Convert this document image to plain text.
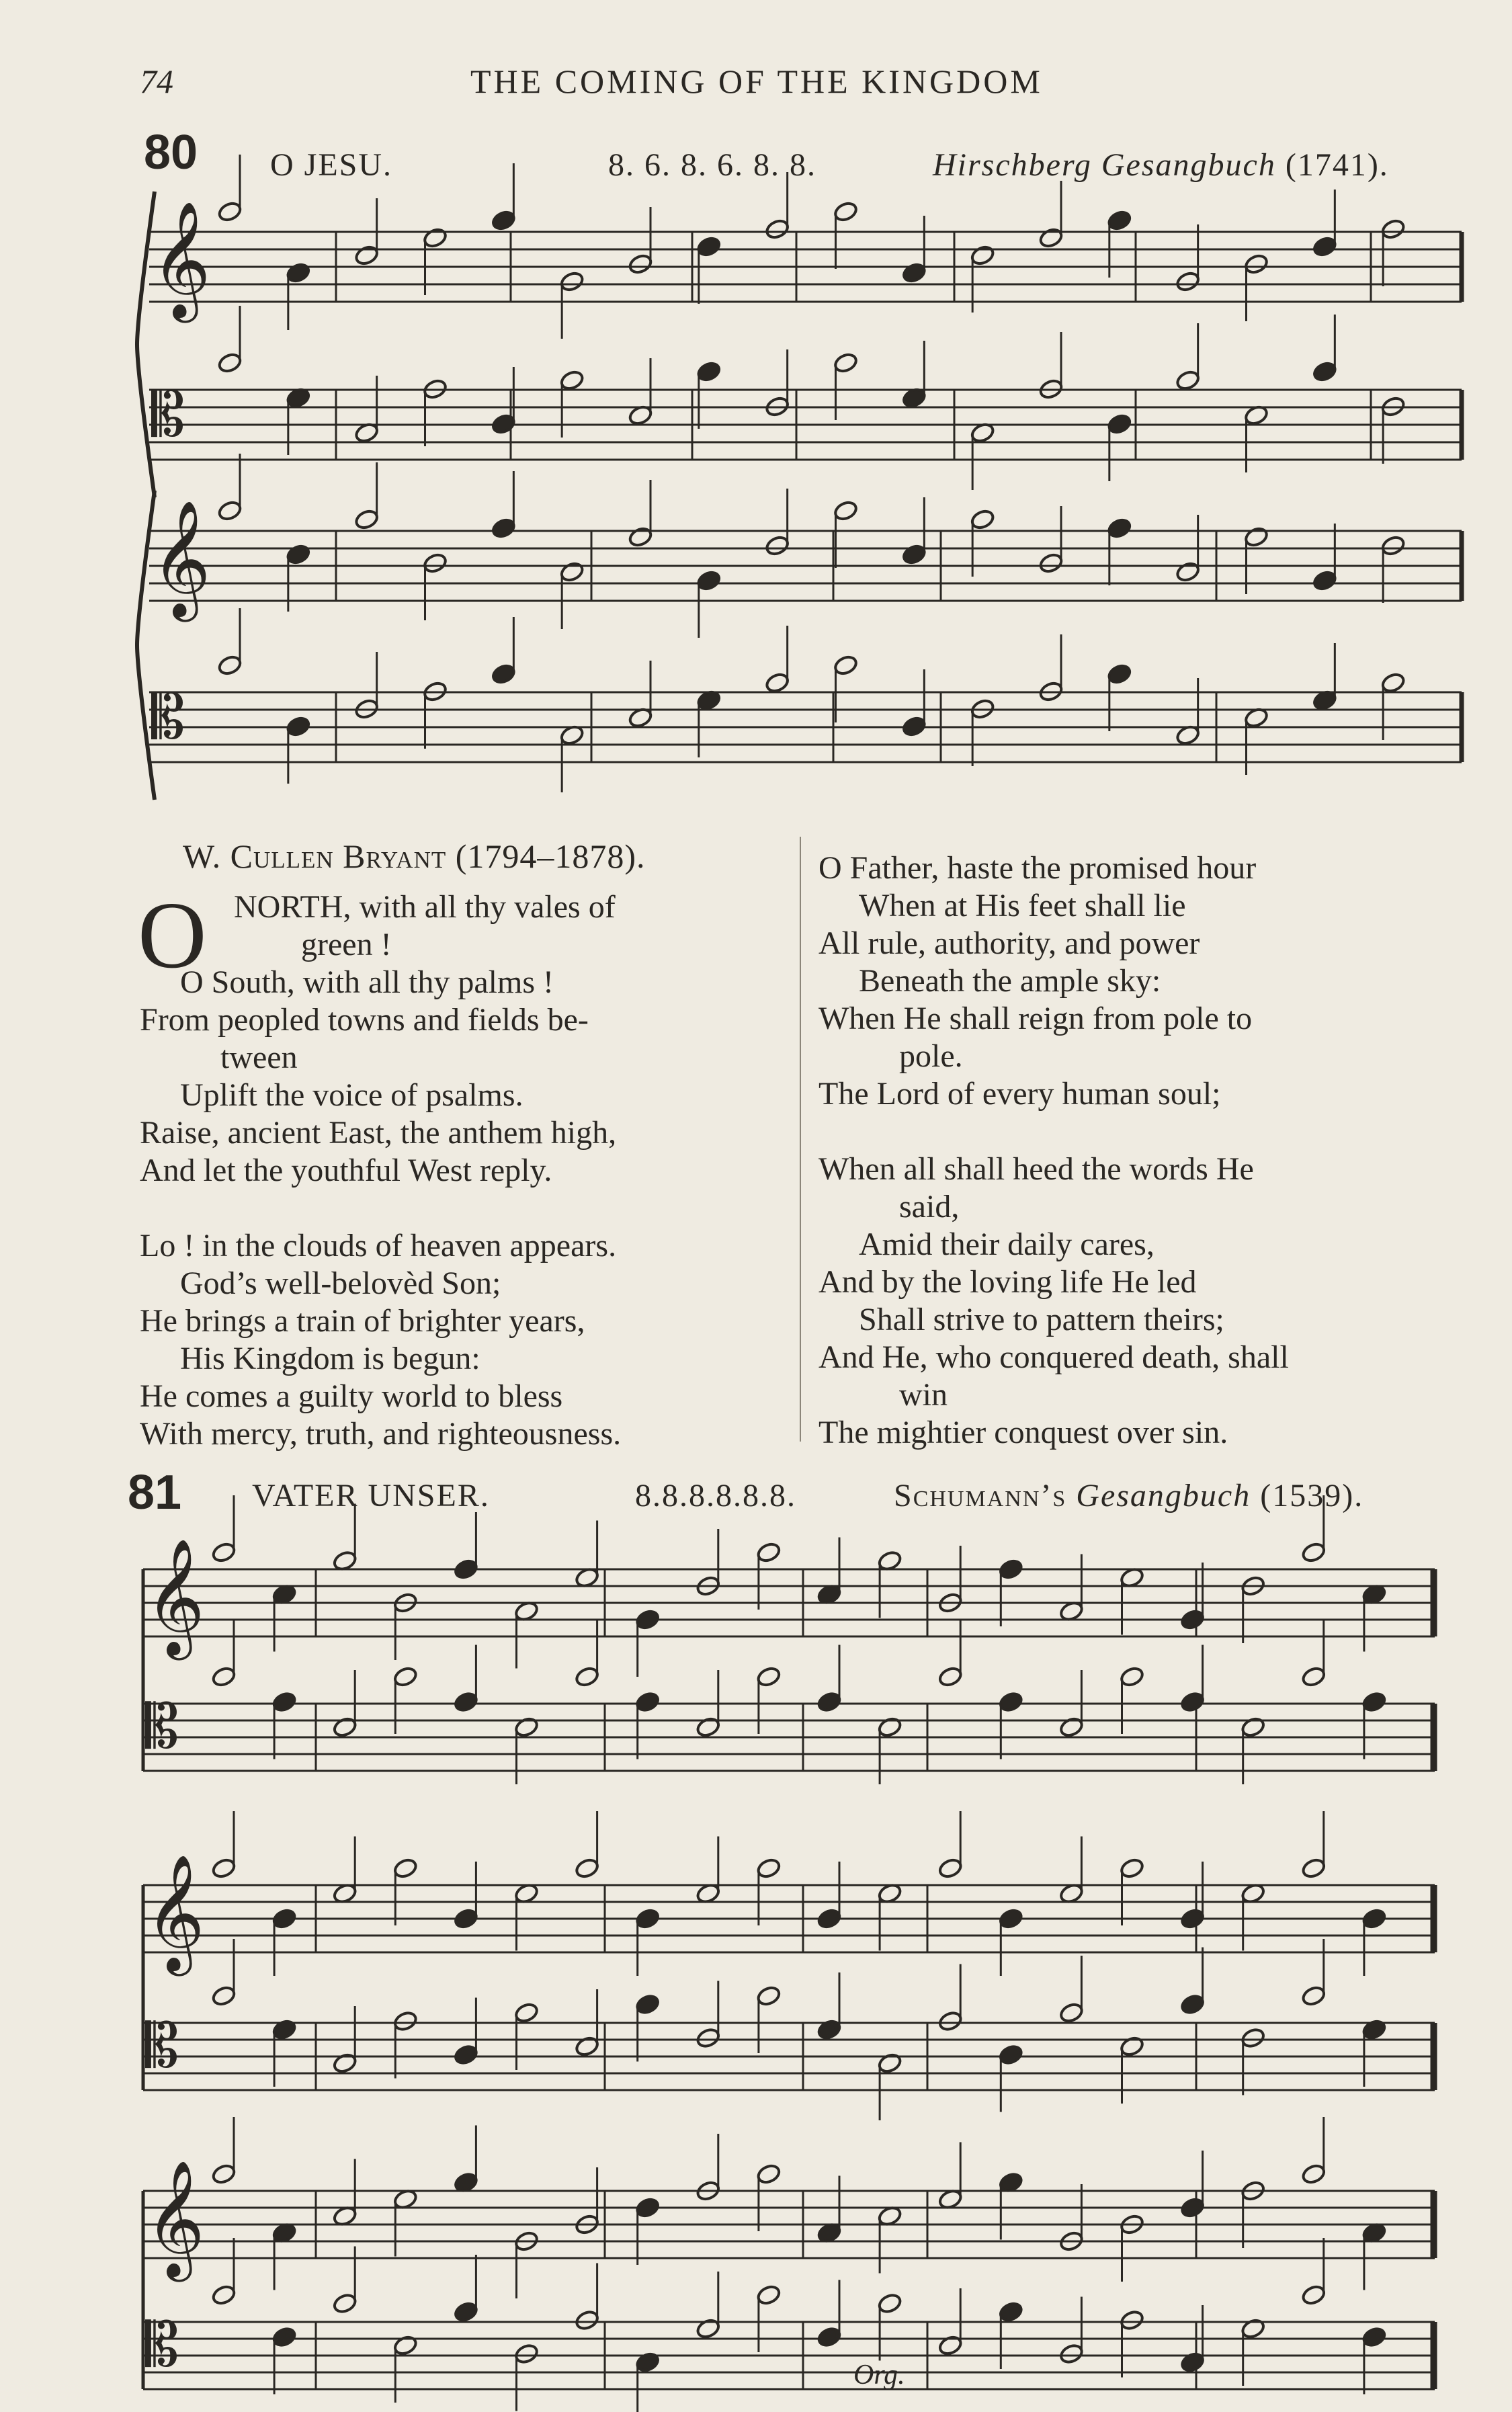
74	THE COMING OF THE KINGDOM
80 O JESU.	8. 6. 8. 6. 8. 8.	Hirschberg Gesangbuch (1741).
𝄞
𝄡
𝄞
𝄡
W. Cullen Bryant (1794–1878).
O NORTH, with all thy vales of
green !
O South, with all thy palms !
From peopled towns and fields be-
tween
Uplift the voice of psalms.
Raise, ancient East, the anthem high,
And let the youthful West reply.

Lo ! in the clouds of heaven appears.
God’s well-belovèd Son;
He brings a train of brighter years,
His Kingdom is begun:
He comes a guilty world to bless
With mercy, truth, and righteousness.
O Father, haste the promised hour
When at His feet shall lie
All rule, authority, and power
Beneath the ample sky:
When He shall reign from pole to
pole.
The Lord of every human soul;

When all shall heed the words He
said,
Amid their daily cares,
And by the loving life He led
Shall strive to pattern theirs;
And He, who conquered death, shall
win
The mightier conquest over sin.
81 VATER UNSER.	8.8.8.8.8.8.	Schumann’s Gesangbuch (1539).
𝄞
𝄡
𝄞
𝄡
𝄞
𝄡	Org.
